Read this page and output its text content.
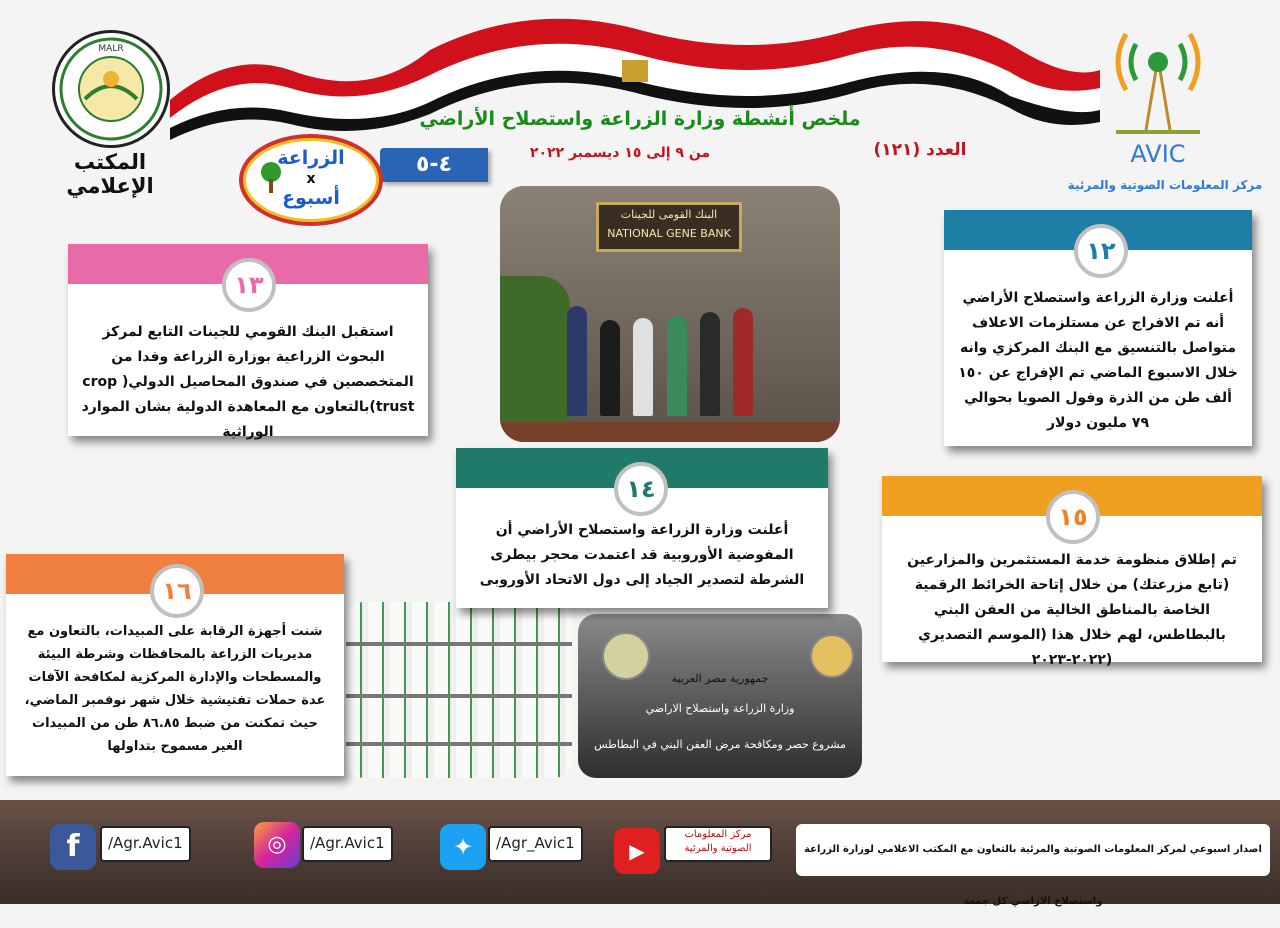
ملخص أنشطة وزارة الزراعة واستصلاح الأراضي
من ٩ إلى ١٥ ديسمبر ٢٠٢٢	العدد (١٢١)
٤-٥
الزراعة
x
أسبوع
MALR
المكتب الإعلامي
AVIC
مركز المعلومات الصوتية والمرئية
البنك القومى للجينات
NATIONAL GENE BANK
جمهورية مصر العربية
وزارة الزراعة واستصلاح الاراضي
مشروع حصر ومكافحة مرض العفن البني في البطاطس
١٢
أعلنت وزارة الزراعة واستصلاح الأراضي أنه تم الافراج عن مستلزمات الاعلاف متواصل بالتنسيق مع البنك المركزي وانه خلال الاسبوع الماضي تم الإفراج عن ١٥٠ ألف طن من الذرة وفول الصويا بحوالي ٧٩ مليون دولار
١٣
استقبل البنك القومي للجينات التابع لمركز البحوث الزراعية بوزارة الزراعة وفدا من المتخصصين في صندوق المحاصيل الدولي( crop trust)بالتعاون مع المعاهدة الدولية بشان الموارد الوراثية
١٤
أعلنت وزارة الزراعة واستصلاح الأراضي أن المفوضية الأوروبية قد اعتمدت محجر بيطرى الشرطة لتصدير الجياد إلى دول الاتحاد الأوروبى
١٥
تم إطلاق منظومة خدمة المستثمرين والمزارعين (تابع مزرعتك) من خلال إتاحة الخرائط الرقمية الخاصة بالمناطق الخالية من العفن البني بالبطاطس، لهم خلال هذا (الموسم التصديري (٢٠٢٢-٢٠٢٣
١٦
شنت أجهزة الرقابة على المبيدات، بالتعاون مع مديريات الزراعة بالمحافظات وشرطة البيئة والمسطحات والإدارة المركزية لمكافحة الآفات عدة حملات تفتيشية خلال شهر نوفمبر الماضي، حيث تمكنت من ضبط ٨٦.٨٥ طن من المبيدات الغير مسموح بتداولها
f	/Agr.Avic1	◎	/Agr.Avic1	✦	/Agr_Avic1	▶
مركز المعلومات الصوتية والمرئية	اصدار اسبوعي لمركز المعلومات الصوتية والمرئية بالتعاون مع المكتب الاعلامي لوزارة الزراعة واستصلاح الاراضي كل جمعة
